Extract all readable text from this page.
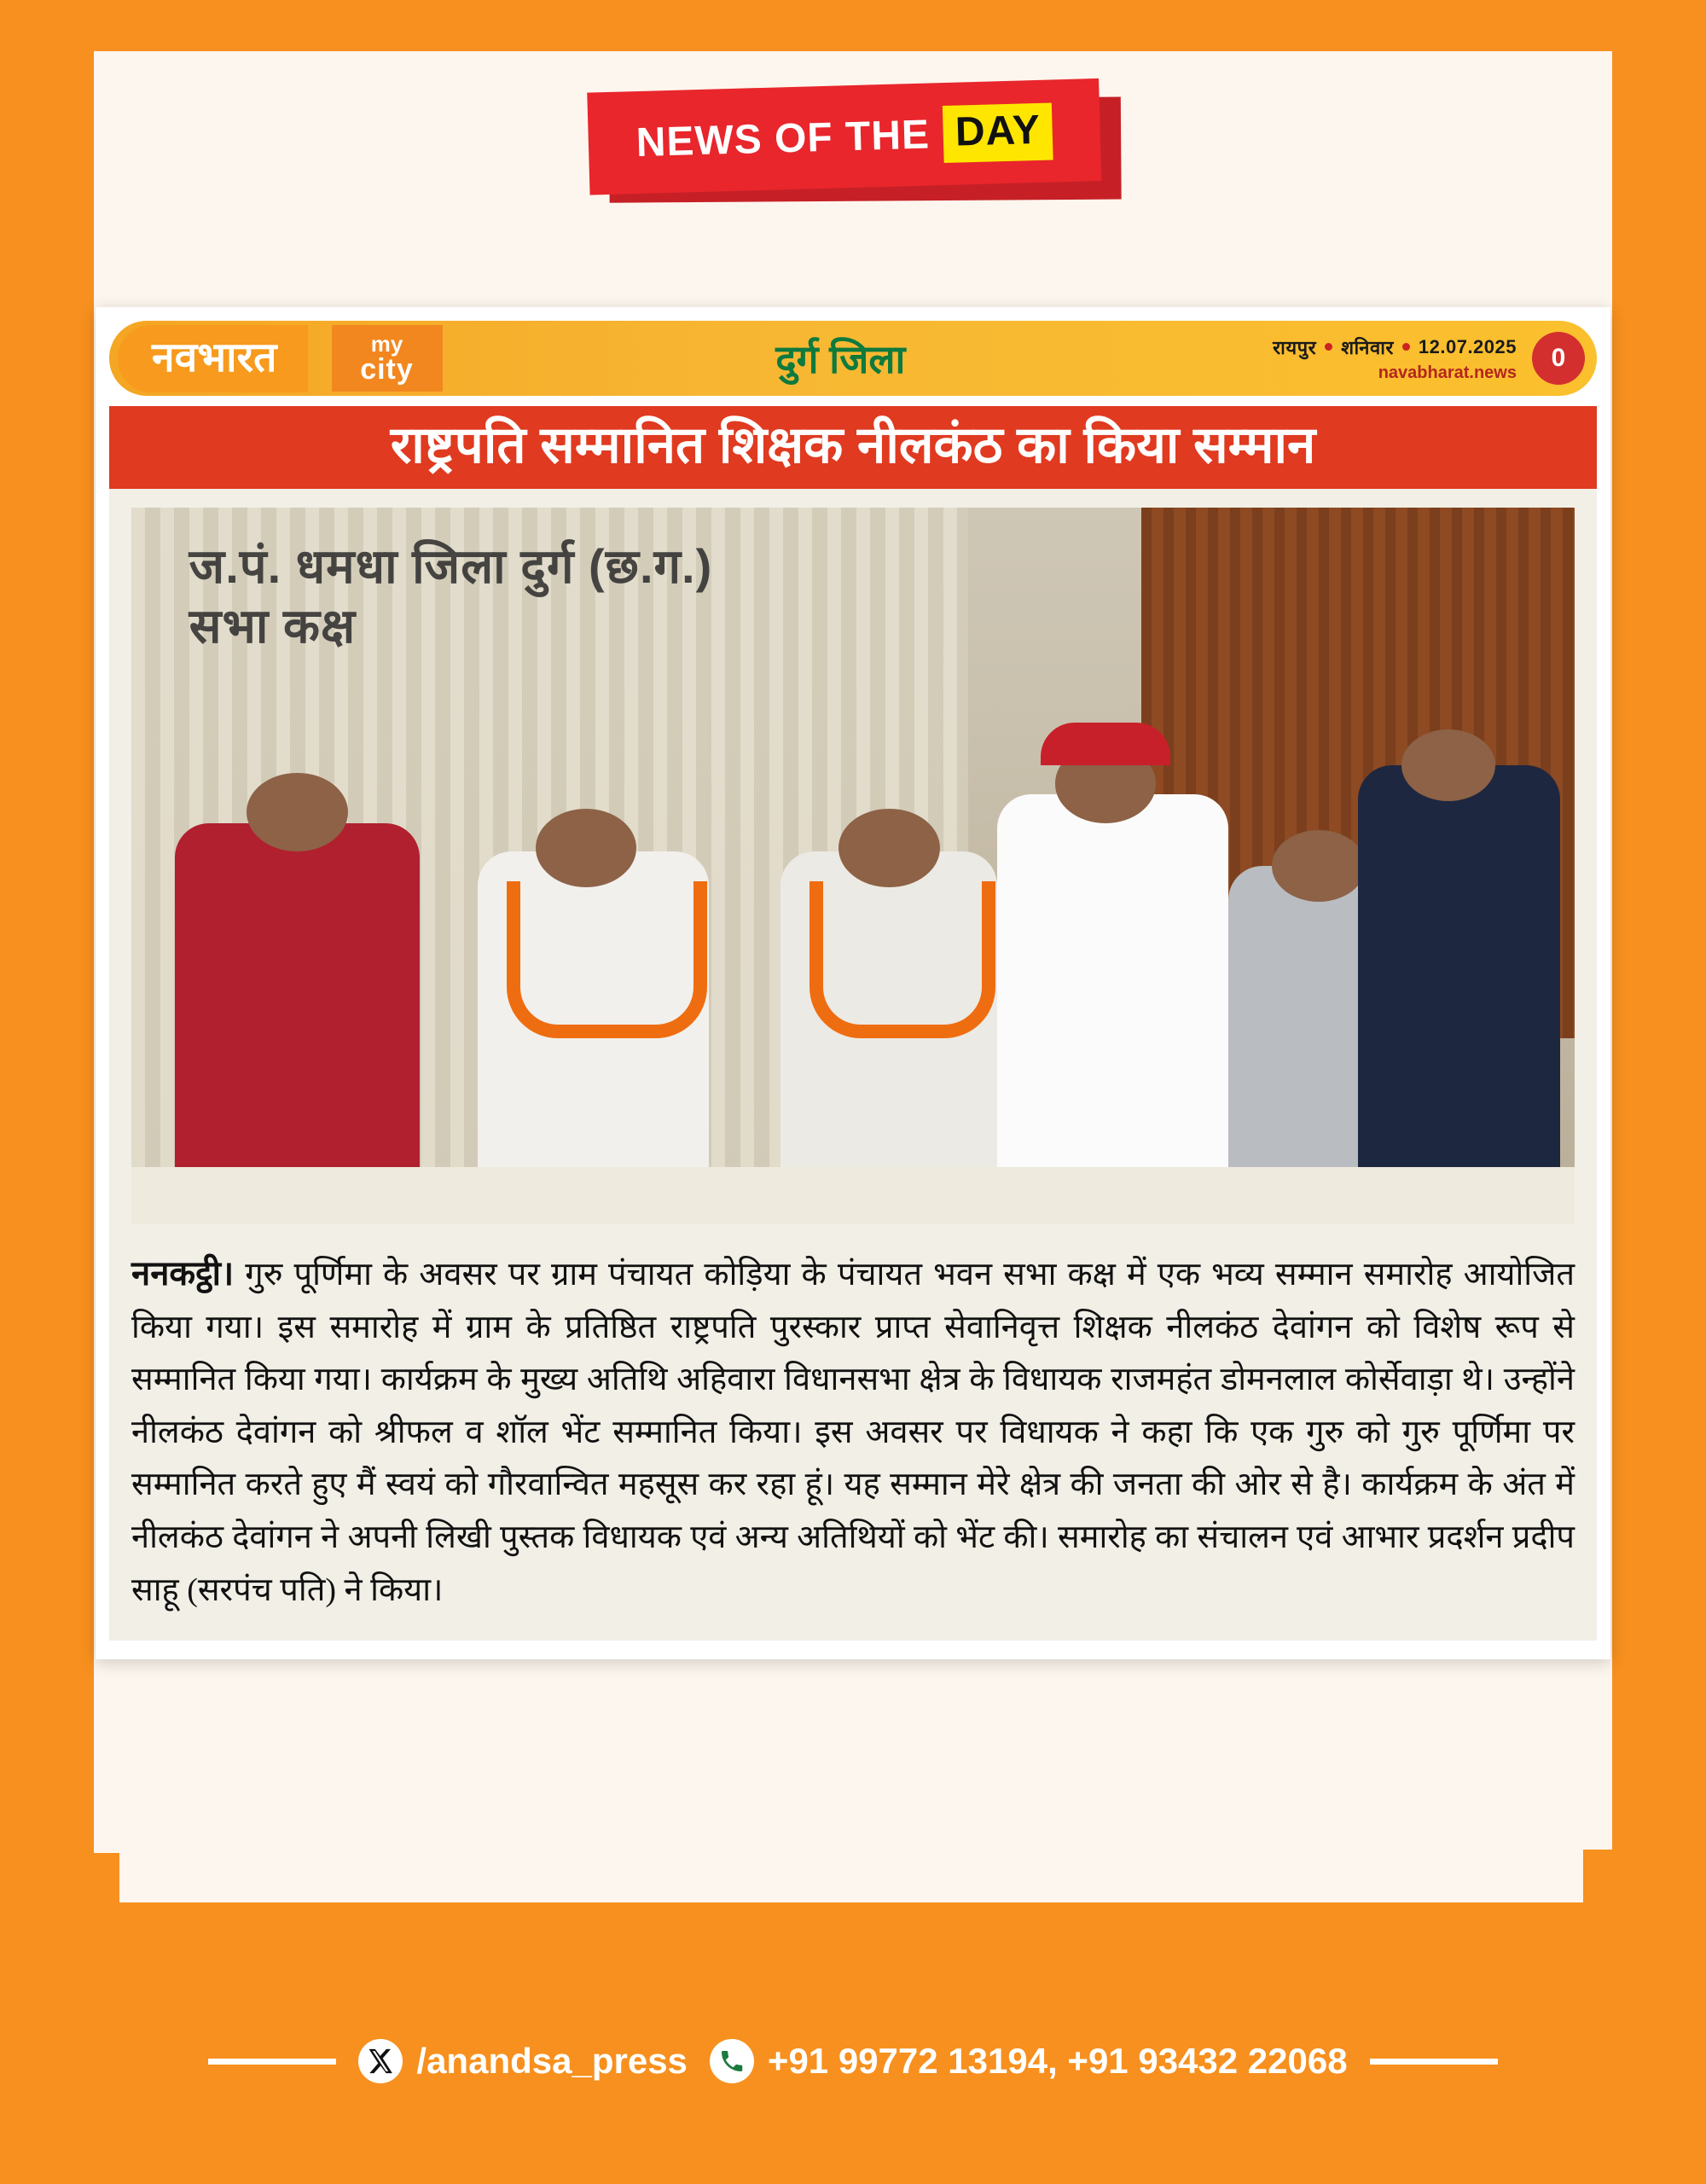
NEWS OF THE DAY
नवभारत	my
city	दुर्ग जिला	रायपुर शनिवार 12.07.2025
navabharat.news
0
राष्ट्रपति सम्मानित शिक्षक नीलकंठ का किया सम्मान
ज.पं. धमधा जिला दुर्ग (छ.ग.)
सभा कक्ष
ननकट्ठी। गुरु पूर्णिमा के अवसर पर ग्राम पंचायत कोड़िया के पंचायत भवन सभा कक्ष में एक भव्य सम्मान समारोह आयोजित किया गया। इस समारोह में ग्राम के प्रतिष्ठित राष्ट्रपति पुरस्कार प्राप्त सेवानिवृत्त शिक्षक नीलकंठ देवांगन को विशेष रूप से सम्मानित किया गया। कार्यक्रम के मुख्य अतिथि अहिवारा विधानसभा क्षेत्र के विधायक राजमहंत डोमनलाल कोर्सेवाड़ा थे। उन्होंने नीलकंठ देवांगन को श्रीफल व शॉल भेंट सम्मानित किया। इस अवसर पर विधायक ने कहा कि एक गुरु को गुरु पूर्णिमा पर सम्मानित करते हुए मैं स्वयं को गौरवान्वित महसूस कर रहा हूं। यह सम्मान मेरे क्षेत्र की जनता की ओर से है। कार्यक्रम के अंत में नीलकंठ देवांगन ने अपनी लिखी पुस्तक विधायक एवं अन्य अतिथियों को भेंट की। समारोह का संचालन एवं आभार प्रदर्शन प्रदीप साहू (सरपंच पति) ने किया।
/anandsa_press +91 99772 13194, +91 93432 22068
